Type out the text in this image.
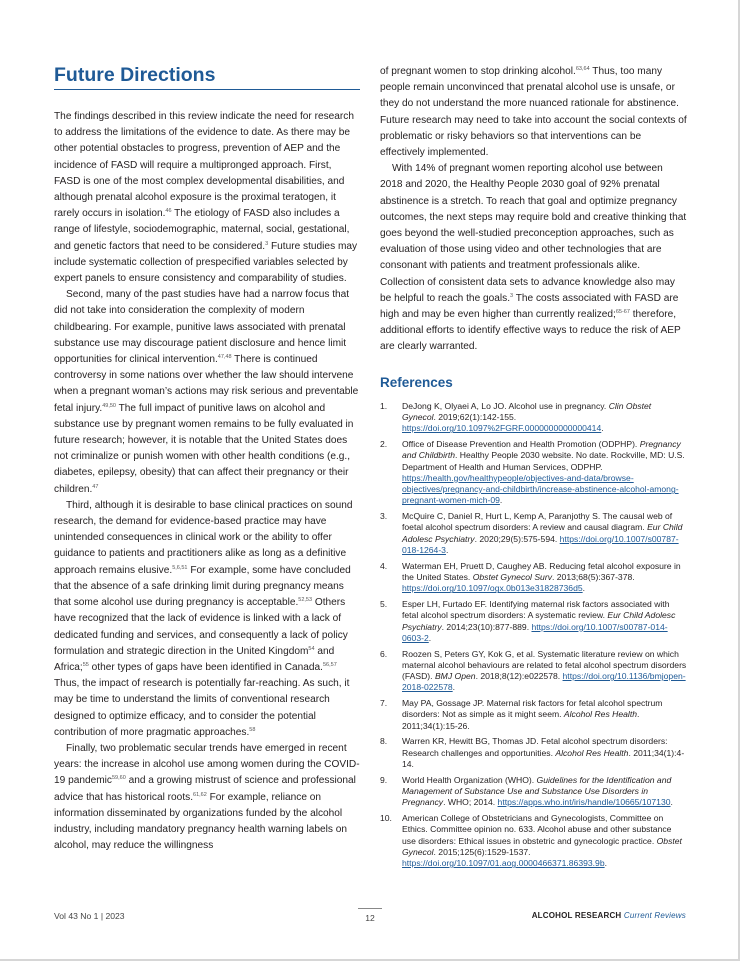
Future Directions

The findings described in this review indicate the need for research to address the limitations of the evidence to date. As there may be other potential obstacles to progress, prevention of AEP and the incidence of FASD will require a multipronged approach. First, FASD is one of the most complex developmental disabilities, and although prenatal alcohol exposure is the proximal teratogen, it rarely occurs in isolation.$^{46}$ The etiology of FASD also includes a range of lifestyle, sociodemographic, maternal, social, gestational, and genetic factors that need to be considered.$^3$ Future studies may include systematic collection of prespecified variables selected by expert panels to ensure consistency and comparability of studies.

Second, many of the past studies have had a narrow focus that did not take into consideration the complexity of modern childbearing. For example, punitive laws associated with prenatal substance use may discourage patient disclosure and hence limit opportunities for clinical intervention.$^{47,48}$ There is continued controversy in some nations over whether the law should intervene when a pregnant woman’s actions may risk serious and preventable fetal injury.$^{49,50}$ The full impact of punitive laws on alcohol and substance use by pregnant women remains to be fully evaluated in future research; however, it is notable that the United States does not criminalize or punish women with other health conditions (e.g., diabetes, epilepsy, obesity) that can affect their pregnancy or their children.$^{47}$

Third, although it is desirable to base clinical practices on sound research, the demand for evidence-based practice may have unintended consequences in clinical work or the ability to offer guidance to patients and practitioners alike as long as a definitive approach remains elusive.$^{5,6,51}$ For example, some have concluded that the absence of a safe drinking limit during pregnancy means that some alcohol use during pregnancy is acceptable.$^{52,53}$ Others have recognized that the lack of evidence is linked with a lack of dedicated funding and services, and consequently a lack of policy formulation and strategic direction in the United Kingdom$^{54}$ and Africa;$^{55}$ other types of gaps have been identified in Canada.$^{56,57}$ Thus, the impact of research is potentially far-reaching. As such, it may be time to understand the limits of conventional research designed to optimize efficacy, and to consider the potential contribution of more pragmatic approaches.$^{58}$

Finally, two problematic secular trends have emerged in recent years: the increase in alcohol use among women during the COVID-19 pandemic$^{59,60}$ and a growing mistrust of science and professional advice that has historical roots.$^{61,62}$ For example, reliance on information disseminated by organizations funded by the alcohol industry, including mandatory pregnancy health warning labels on alcohol, may reduce the willingness

of pregnant women to stop drinking alcohol.$^{63,64}$ Thus, too many people remain unconvinced that prenatal alcohol use is unsafe, or they do not understand the more nuanced rationale for abstinence. Future research may need to take into account the social contexts of problematic or risky behaviors so that interventions can be effectively implemented.

With 14% of pregnant women reporting alcohol use between 2018 and 2020, the Healthy People 2030 goal of 92% prenatal abstinence is a stretch. To reach that goal and optimize pregnancy outcomes, the next steps may require bold and creative thinking that goes beyond the well-studied preconception approaches, such as evaluation of those using video and other technologies that are consonant with patients and treatment professionals alike. Collection of consistent data sets to advance knowledge also may be helpful to reach the goals.$^3$ The costs associated with FASD are high and may be even higher than currently realized;$^{65-67}$ therefore, additional efforts to identify effective ways to reduce the risk of AEP are clearly warranted.

References
1.	DeJong K, Olyaei A, Lo JO. Alcohol use in pregnancy. Clin Obstet Gynecol. 2019;62(1):142-155. https://doi.org/10.1097%2FGRF.0000000000000414.
2.	Office of Disease Prevention and Health Promotion (ODPHP). Pregnancy and Childbirth. Healthy People 2030 website. No date. Rockville, MD: U.S. Department of Health and Human Services, ODPHP. https://health.gov/healthypeople/objectives-and-data/browse-objectives/pregnancy-and-childbirth/increase-abstinence-alcohol-among-pregnant-women-mich-09.
3.	McQuire C, Daniel R, Hurt L, Kemp A, Paranjothy S. The causal web of foetal alcohol spectrum disorders: A review and causal diagram. Eur Child Adolesc Psychiatry. 2020;29(5):575-594. https://doi.org/10.1007/s00787-018-1264-3.
4.	Waterman EH, Pruett D, Caughey AB. Reducing fetal alcohol exposure in the United States. Obstet Gynecol Surv. 2013;68(5):367-378. https://doi.org/10.1097/ogx.0b013e31828736d5.
5.	Esper LH, Furtado EF. Identifying maternal risk factors associated with fetal alcohol spectrum disorders: A systematic review. Eur Child Adolesc Psychiatry. 2014;23(10):877-889. https://doi.org/10.1007/s00787-014-0603-2.
6.	Roozen S, Peters GY, Kok G, et al. Systematic literature review on which maternal alcohol behaviours are related to fetal alcohol spectrum disorders (FASD). BMJ Open. 2018;8(12):e022578. https://doi.org/10.1136/bmjopen-2018-022578.
7.	May PA, Gossage JP. Maternal risk factors for fetal alcohol spectrum disorders: Not as simple as it might seem. Alcohol Res Health. 2011;34(1):15-26.
8.	Warren KR, Hewitt BG, Thomas JD. Fetal alcohol spectrum disorders: Research challenges and opportunities. Alcohol Res Health. 2011;34(1):4-14.
9.	World Health Organization (WHO). Guidelines for the Identification and Management of Substance Use and Substance Use Disorders in Pregnancy. WHO; 2014. https://apps.who.int/iris/handle/10665/107130.
10.	American College of Obstetricians and Gynecologists, Committee on Ethics. Committee opinion no. 633. Alcohol abuse and other substance use disorders: Ethical issues in obstetric and gynecologic practice. Obstet Gynecol. 2015;125(6):1529-1537. https://doi.org/10.1097/01.aog.0000466371.86393.9b.
Vol 43 No 1 | 2023	12	ALCOHOL RESEARCH Current Reviews
